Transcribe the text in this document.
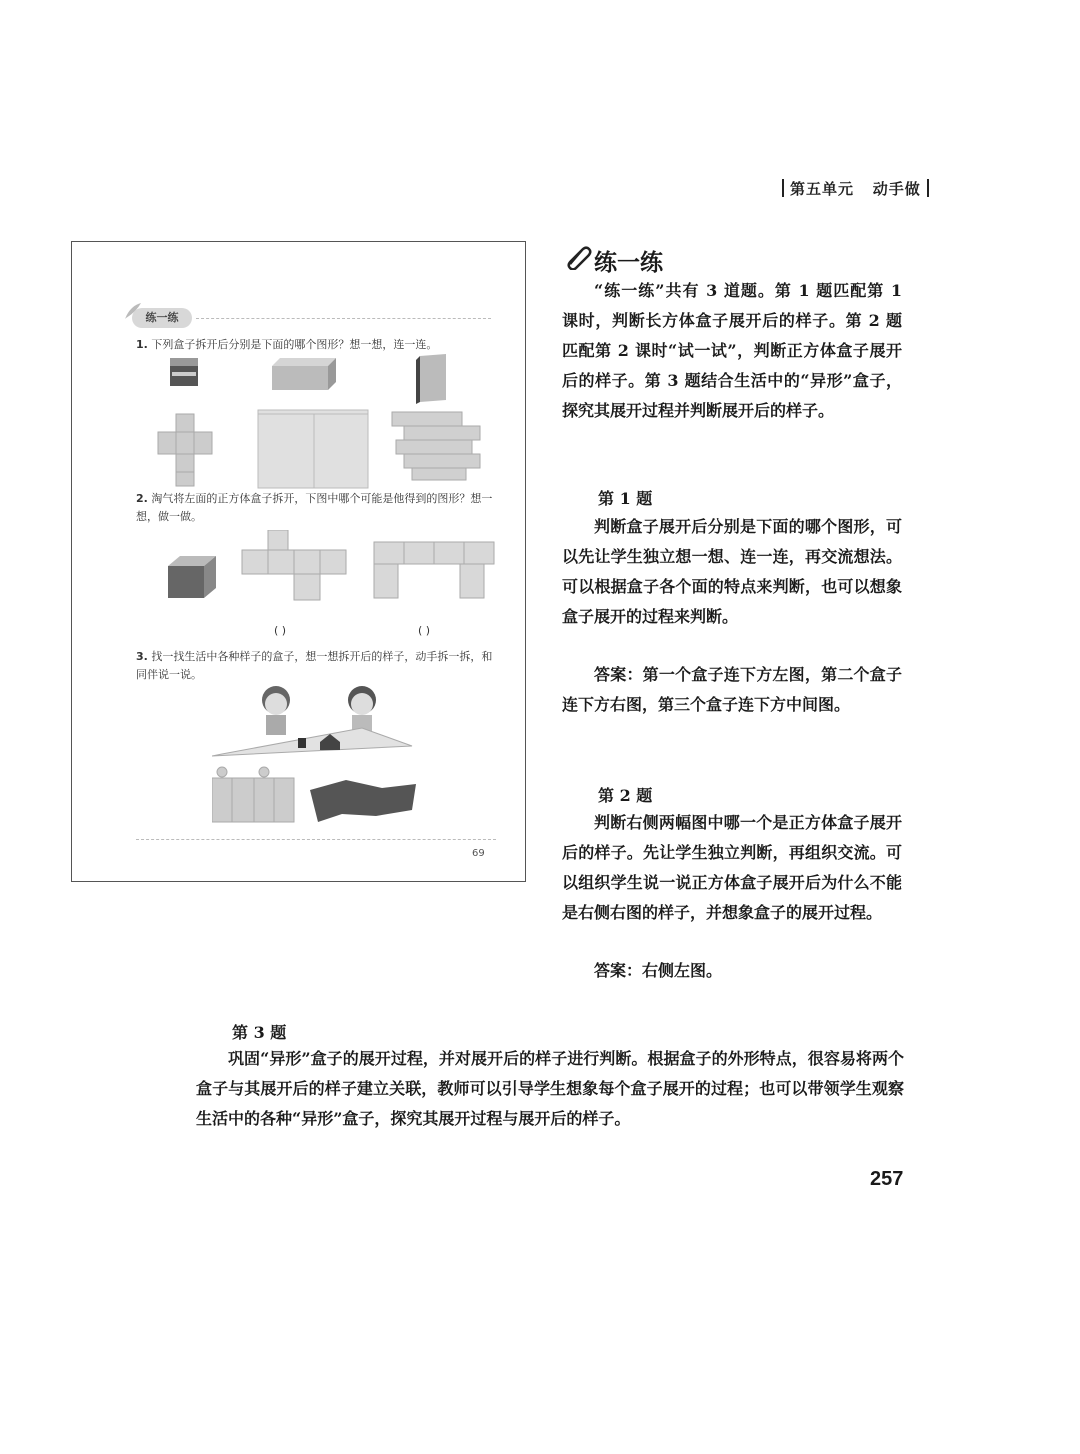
第五单元 动手做
练一练
1. 下列盒子拆开后分别是下面的哪个图形？想一想，连一连。
2. 淘气将左面的正方体盒子拆开，下图中哪个可能是他得到的图形？想一想，做一做。
( )	( )
3. 找一找生活中各种样子的盒子，想一想拆开后的样子，动手拆一拆，和同伴说一说。
69
练一练

“练一练”共有 3 道题。第 1 题匹配第 1 课时，判断长方体盒子展开后的样子。第 2 题匹配第 2 课时“试一试”，判断正方体盒子展开后的样子。第 3 题结合生活中的“异形”盒子，探究其展开过程并判断展开后的样子。

第 1 题

判断盒子展开后分别是下面的哪个图形，可以先让学生独立想一想、连一连，再交流想法。可以根据盒子各个面的特点来判断，也可以想象盒子展开的过程来判断。

答案：第一个盒子连下方左图，第二个盒子连下方右图，第三个盒子连下方中间图。

第 2 题

判断右侧两幅图中哪一个是正方体盒子展开后的样子。先让学生独立判断，再组织交流。可以组织学生说一说正方体盒子展开后为什么不能是右侧右图的样子，并想象盒子的展开过程。

答案：右侧左图。

第 3 题

巩固“异形”盒子的展开过程，并对展开后的样子进行判断。根据盒子的外形特点，很容易将两个盒子与其展开后的样子建立关联，教师可以引导学生想象每个盒子展开的过程；也可以带领学生观察生活中的各种“异形”盒子，探究其展开过程与展开后的样子。

257
